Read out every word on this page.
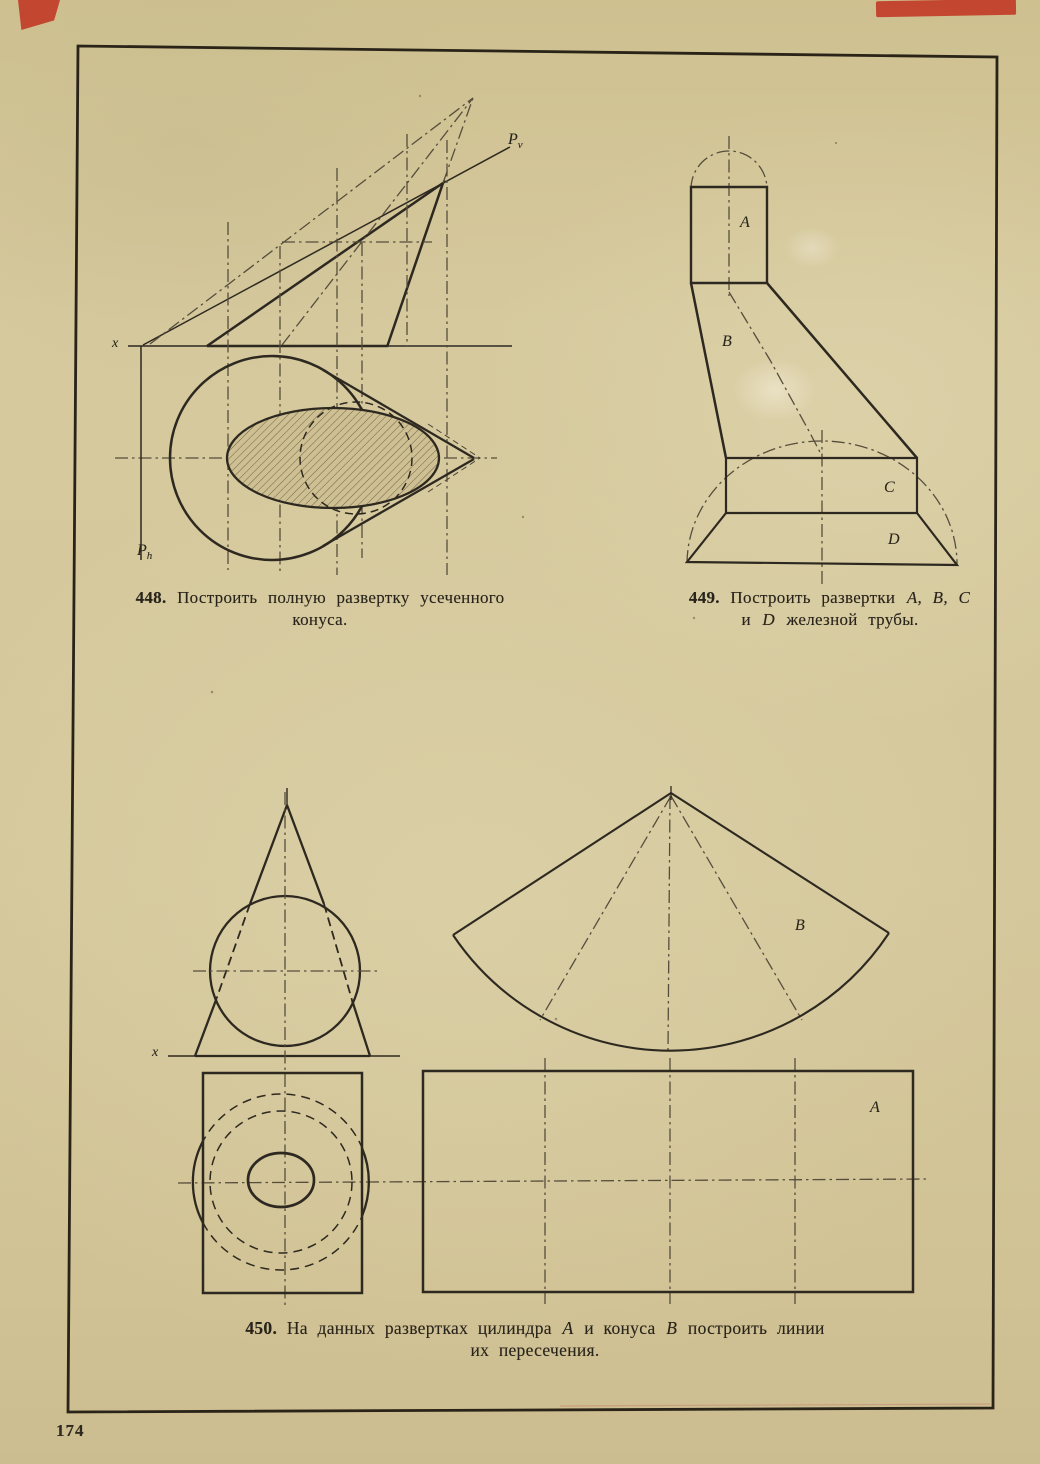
x
$P_v$
$P_h$
A
B
C
D
x
B
A
448. Построить полную развертку усеченного
конуса.
449. Построить развертки A, B, C
и D железной трубы.
450. На данных развертках цилиндра A и конуса B построить линии
их пересечения.
174
